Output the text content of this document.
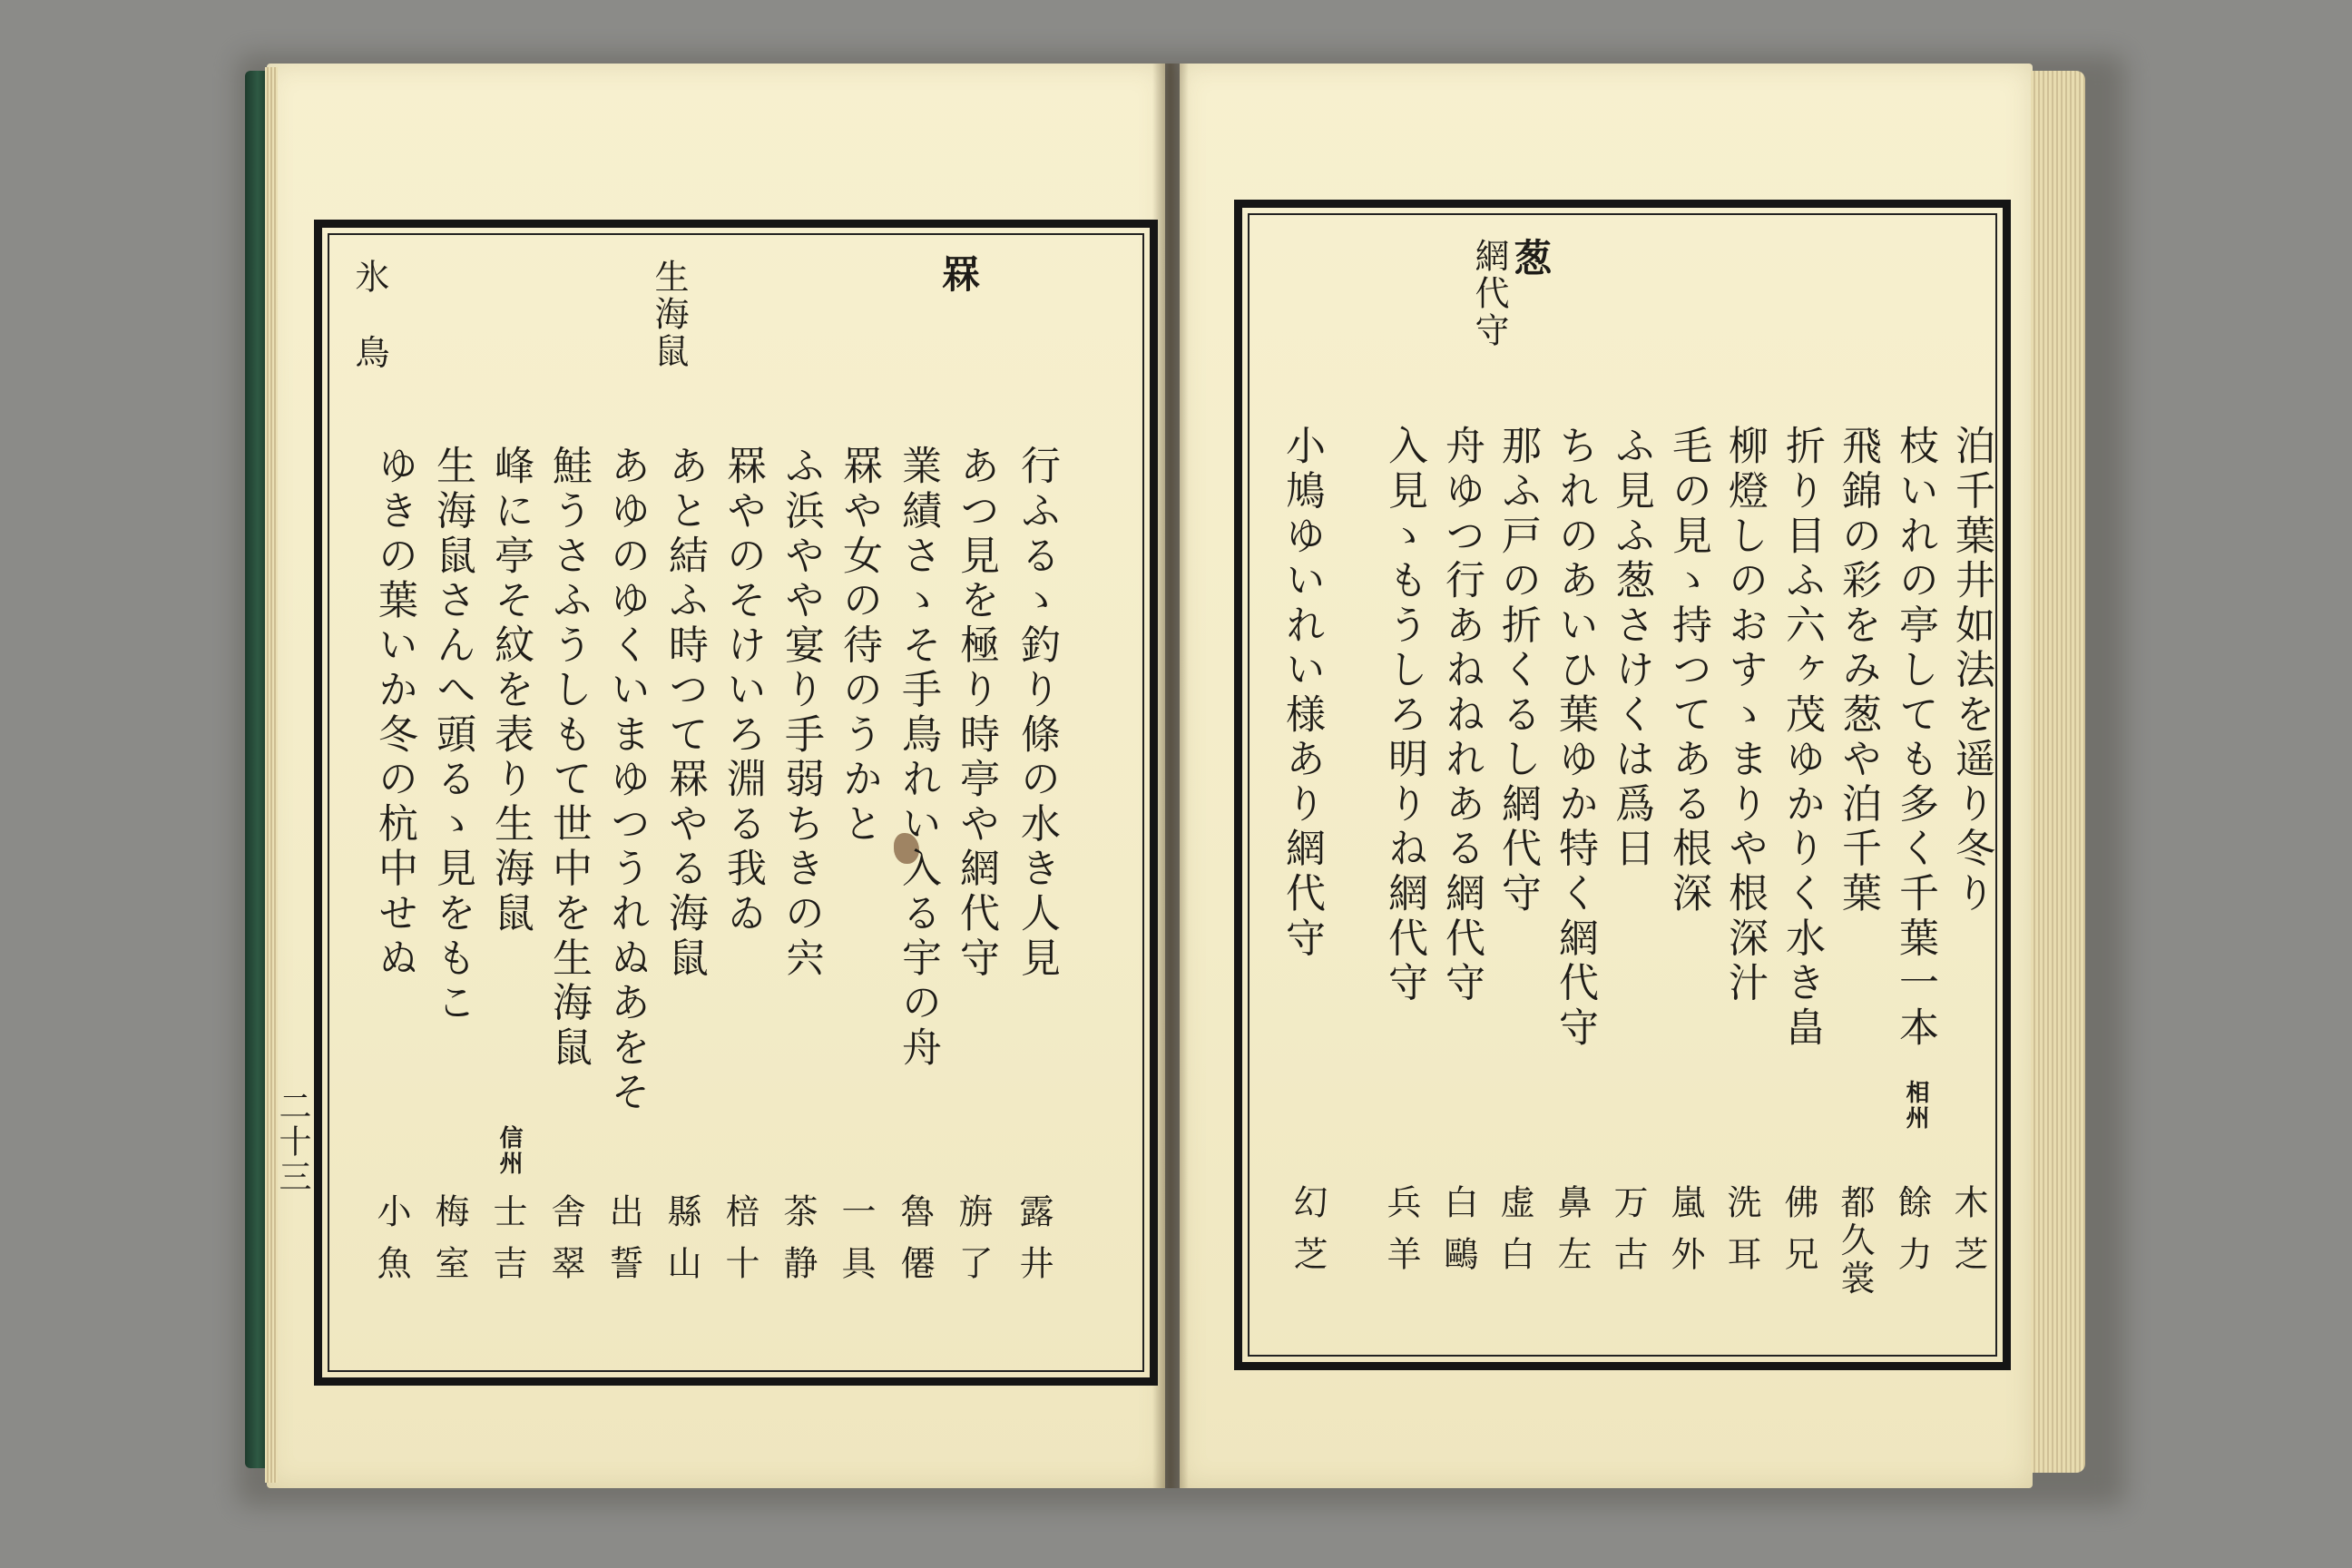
罧
生海鼠
氷鳥
行ふるゝ釣り條の水き人見
あつ見を極り時亭や網代守
業績さゝそ手鳥れい入る宇の舟
罧や女の待のうかと
ふ浜やや宴り手弱ちきの宍
罧やのそけいろ淵る我ゐ
あと結ふ時つて罧やる海鼠
あゆのゆくいまゆつうれぬあをそ
鮭うさふうしもて世中を生海鼠
峰に亭そ紋を表り生海鼠
生海鼠さんへ頭るゝ見をもこ
ゆきの葉いか冬の杭中せぬ
信州
露井
旃了
魯僊
一具
茶静
棓十
縣山
出誓
舎翠
士吉
梅室
小魚
二十三
葱
網代守
泊千葉井如法を遥り冬り
枝いれの亭しても多く千葉一本
飛錦の彩をみ葱や泊千葉
折り目ふ六ヶ茂ゆかりく水き畠
柳燈しのおすゝまりや根深汁
毛の見ゝ持つてある根深
ふ見ふ葱さけくは爲日
ちれのあいひ葉ゆか特く網代守
那ふ戸の折くるし網代守
舟ゆつ行あねねれある網代守
入見ゝもうしろ明りね網代守
小鳩ゆいれい様あり網代守
相州
木芝
餘力
都久裳
佛兄
洗耳
嵐外
万古
鼻左
虚白
白鷗
兵羊
幻芝
